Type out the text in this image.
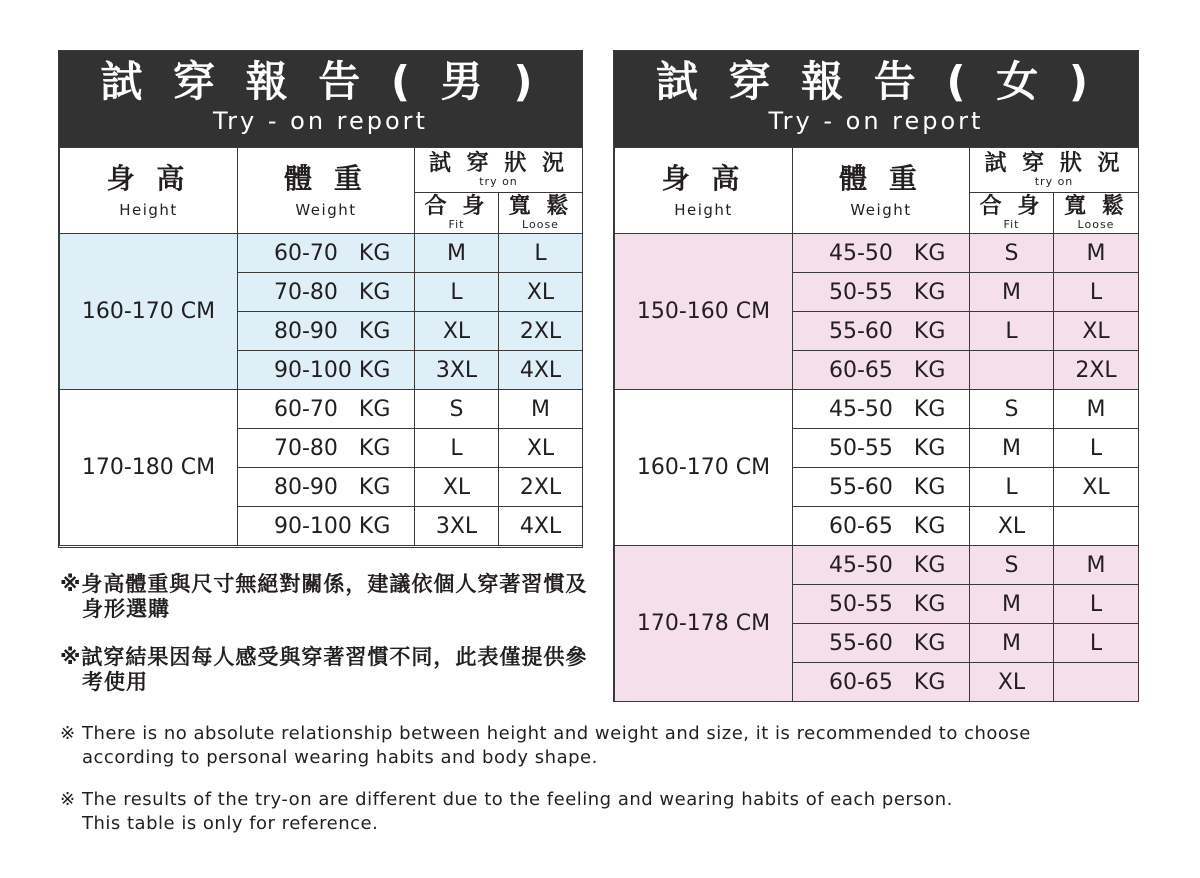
試 穿 報 告 ( 男 )
Try - on report
身 高
Height	體 重
Weight	試 穿 狀 況
try on	

		合 身
Fit	寬 鬆
Loose

160-170 CM	60-70   KG	M	L
	70-80   KG	L	XL
	80-90   KG	XL	2XL
	90-100 KG	3XL	4XL
170-180 CM	60-70   KG	S	M
	70-80   KG	L	XL
	80-90   KG	XL	2XL
	90-100 KG	3XL	4XL
試 穿 報 告 ( 女 )
Try - on report
身 高
Height	體 重
Weight	試 穿 狀 況
try on	

		合 身
Fit	寬 鬆
Loose

150-160 CM	45-50   KG	S	M
	50-55   KG	M	L
	55-60   KG	L	XL
	60-65   KG		2XL
160-170 CM	45-50   KG	S	M
	50-55   KG	M	L
	55-60   KG	L	XL
	60-65   KG	XL	
170-178 CM	45-50   KG	S	M
	50-55   KG	M	L
	55-60   KG	M	L
	60-65   KG	XL	
※身高體重與尺寸無絕對關係，建議依個人穿著習慣及身形選購
※試穿結果因每人感受與穿著習慣不同，此表僅提供參考使用
※ There is no absolute relationship between height and weight and size, it is recommended to choose
according to personal wearing habits and body shape.
※ The results of the try-on are different due to the feeling and wearing habits of each person.
This table is only for reference.
